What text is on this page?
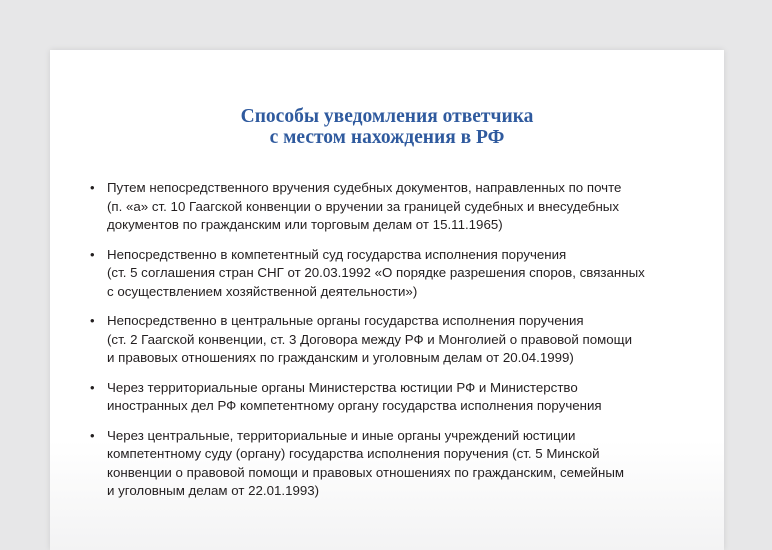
Способы уведомления ответчика
с местом нахождения в РФ
• Путем непосредственного вручения судебных документов, направленных по почте
(п. «а» ст. 10 Гаагской конвенции о вручении за границей судебных и внесудебных
документов по гражданским или торговым делам от 15.11.1965)
• Непосредственно в компетентный суд государства исполнения поручения
(ст. 5 соглашения стран СНГ от 20.03.1992 «О порядке разрешения споров, связанных
с осуществлением хозяйственной деятельности»)
• Непосредственно в центральные органы государства исполнения поручения
(ст. 2 Гаагской конвенции, ст. 3 Договора между РФ и Монголией о правовой помощи
и правовых отношениях по гражданским и уголовным делам от 20.04.1999)
• Через территориальные органы Министерства юстиции РФ и Министерство
иностранных дел РФ компетентному органу государства исполнения поручения
• Через центральные, территориальные и иные органы учреждений юстиции
компетентному суду (органу) государства исполнения поручения (ст. 5 Минской
конвенции о правовой помощи и правовых отношениях по гражданским, семейным
и уголовным делам от 22.01.1993)
